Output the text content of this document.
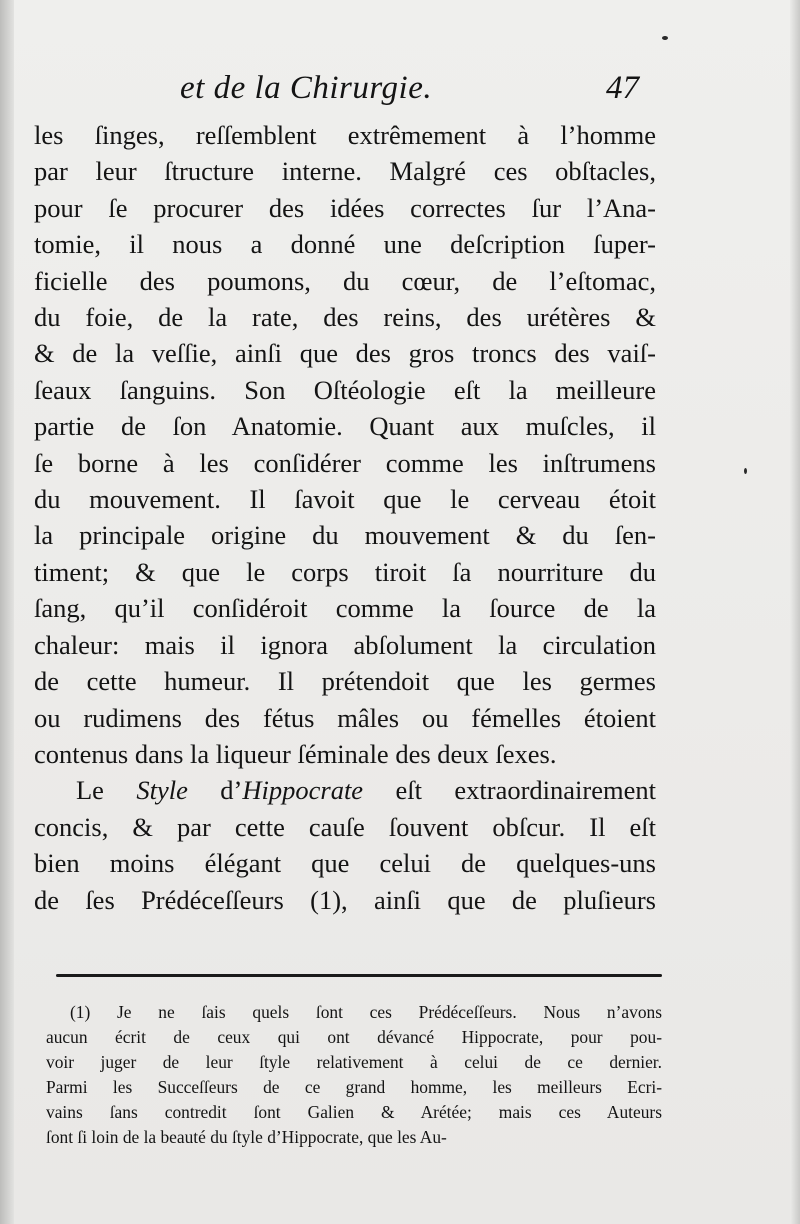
et de la Chirurgie.	47
les ſinges, reſſemblent extrêmement à l’homme
par leur ſtructure interne. Malgré ces obſtacles,
pour ſe procurer des idées correctes ſur l’Ana-
tomie, il nous a donné une deſcription ſuper-
ficielle des poumons, du cœur, de l’eſtomac,
du foie, de la rate, des reins, des urétères &
& de la veſſie, ainſi que des gros troncs des vaiſ-
ſeaux ſanguins. Son Oſtéologie eſt la meilleure
partie de ſon Anatomie. Quant aux muſcles, il
ſe borne à les conſidérer comme les inſtrumens
du mouvement. Il ſavoit que le cerveau étoit
la principale origine du mouvement & du ſen-
timent; & que le corps tiroit ſa nourriture du
ſang, qu’il conſidéroit comme la ſource de la
chaleur: mais il ignora abſolument la circulation
de cette humeur. Il prétendoit que les germes
ou rudimens des fétus mâles ou fémelles étoient
contenus dans la liqueur ſéminale des deux ſexes.
Le Style d’Hippocrate eſt extraordinairement
concis, & par cette cauſe ſouvent obſcur. Il eſt
bien moins élégant que celui de quelques-uns
de ſes Prédéceſſeurs (1), ainſi que de pluſieurs
(1) Je ne ſais quels ſont ces Prédéceſſeurs. Nous n’avons
aucun écrit de ceux qui ont dévancé Hippocrate, pour pou-
voir juger de leur ſtyle relativement à celui de ce dernier.
Parmi les Succeſſeurs de ce grand homme, les meilleurs Ecri-
vains ſans contredit ſont Galien & Arétée; mais ces Auteurs
ſont ſi loin de la beauté du ſtyle d’Hippocrate, que les Au-
